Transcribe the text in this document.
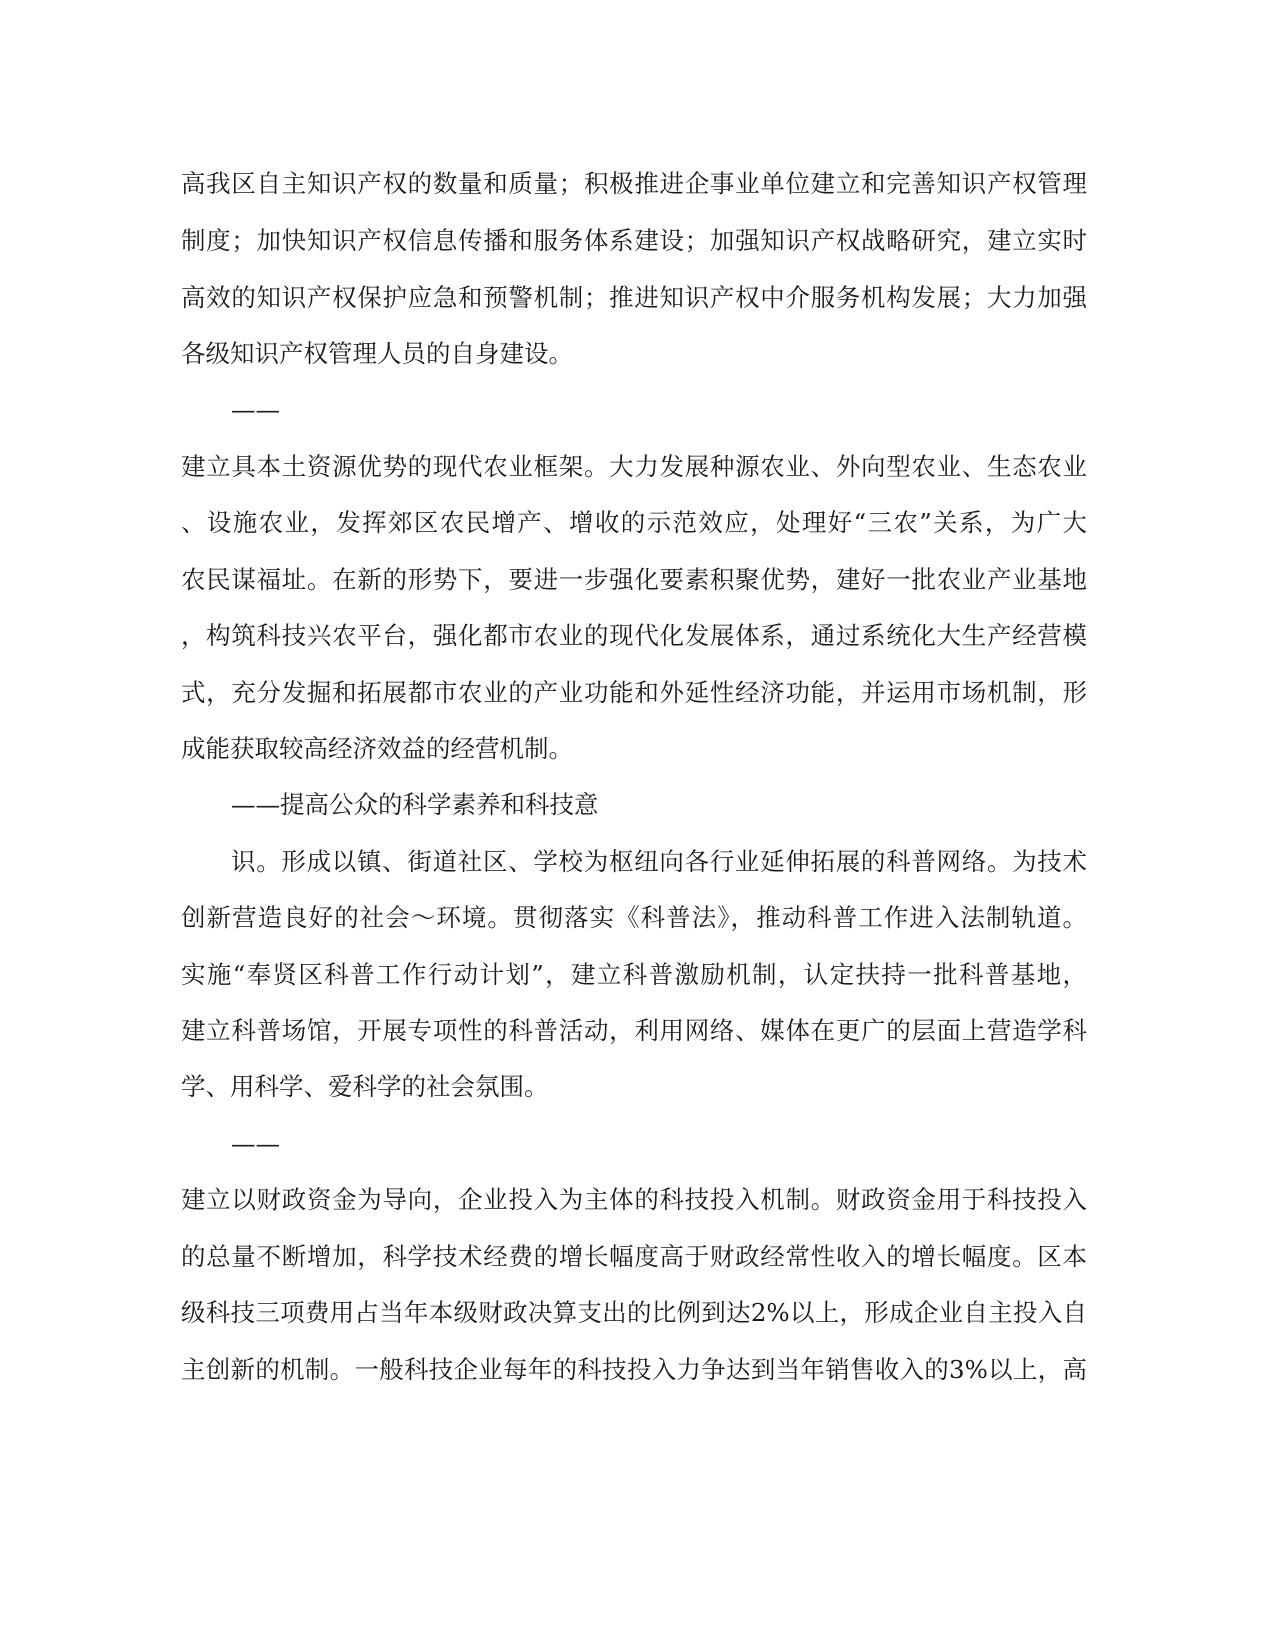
高我区自主知识产权的数量和质量；积极推进企事业单位建立和完善知识产权管理
制度；加快知识产权信息传播和服务体系建设；加强知识产权战略研究，建立实时
高效的知识产权保护应急和预警机制；推进知识产权中介服务机构发展；大力加强
各级知识产权管理人员的自身建设。
——
建立具本土资源优势的现代农业框架。大力发展种源农业、外向型农业、生态农业
、设施农业，发挥郊区农民增产、增收的示范效应，处理好“三农”关系，为广大
农民谋福址。在新的形势下，要进一步强化要素积聚优势，建好一批农业产业基地
，构筑科技兴农平台，强化都市农业的现代化发展体系，通过系统化大生产经营模
式，充分发掘和拓展都市农业的产业功能和外延性经济功能，并运用市场机制，形
成能获取较高经济效益的经营机制。
——提高公众的科学素养和科技意
识。形成以镇、街道社区、学校为枢纽向各行业延伸拓展的科普网络。为技术
创新营造良好的社会～环境。贯彻落实《科普法》，推动科普工作进入法制轨道。
实施“奉贤区科普工作行动计划”，建立科普激励机制，认定扶持一批科普基地，
建立科普场馆，开展专项性的科普活动，利用网络、媒体在更广的层面上营造学科
学、用科学、爱科学的社会氛围。
——
建立以财政资金为导向，企业投入为主体的科技投入机制。财政资金用于科技投入
的总量不断增加，科学技术经费的增长幅度高于财政经常性收入的增长幅度。区本
级科技三项费用占当年本级财政决算支出的比例到达2%以上，形成企业自主投入自
主创新的机制。一般科技企业每年的科技投入力争达到当年销售收入的3%以上，高
